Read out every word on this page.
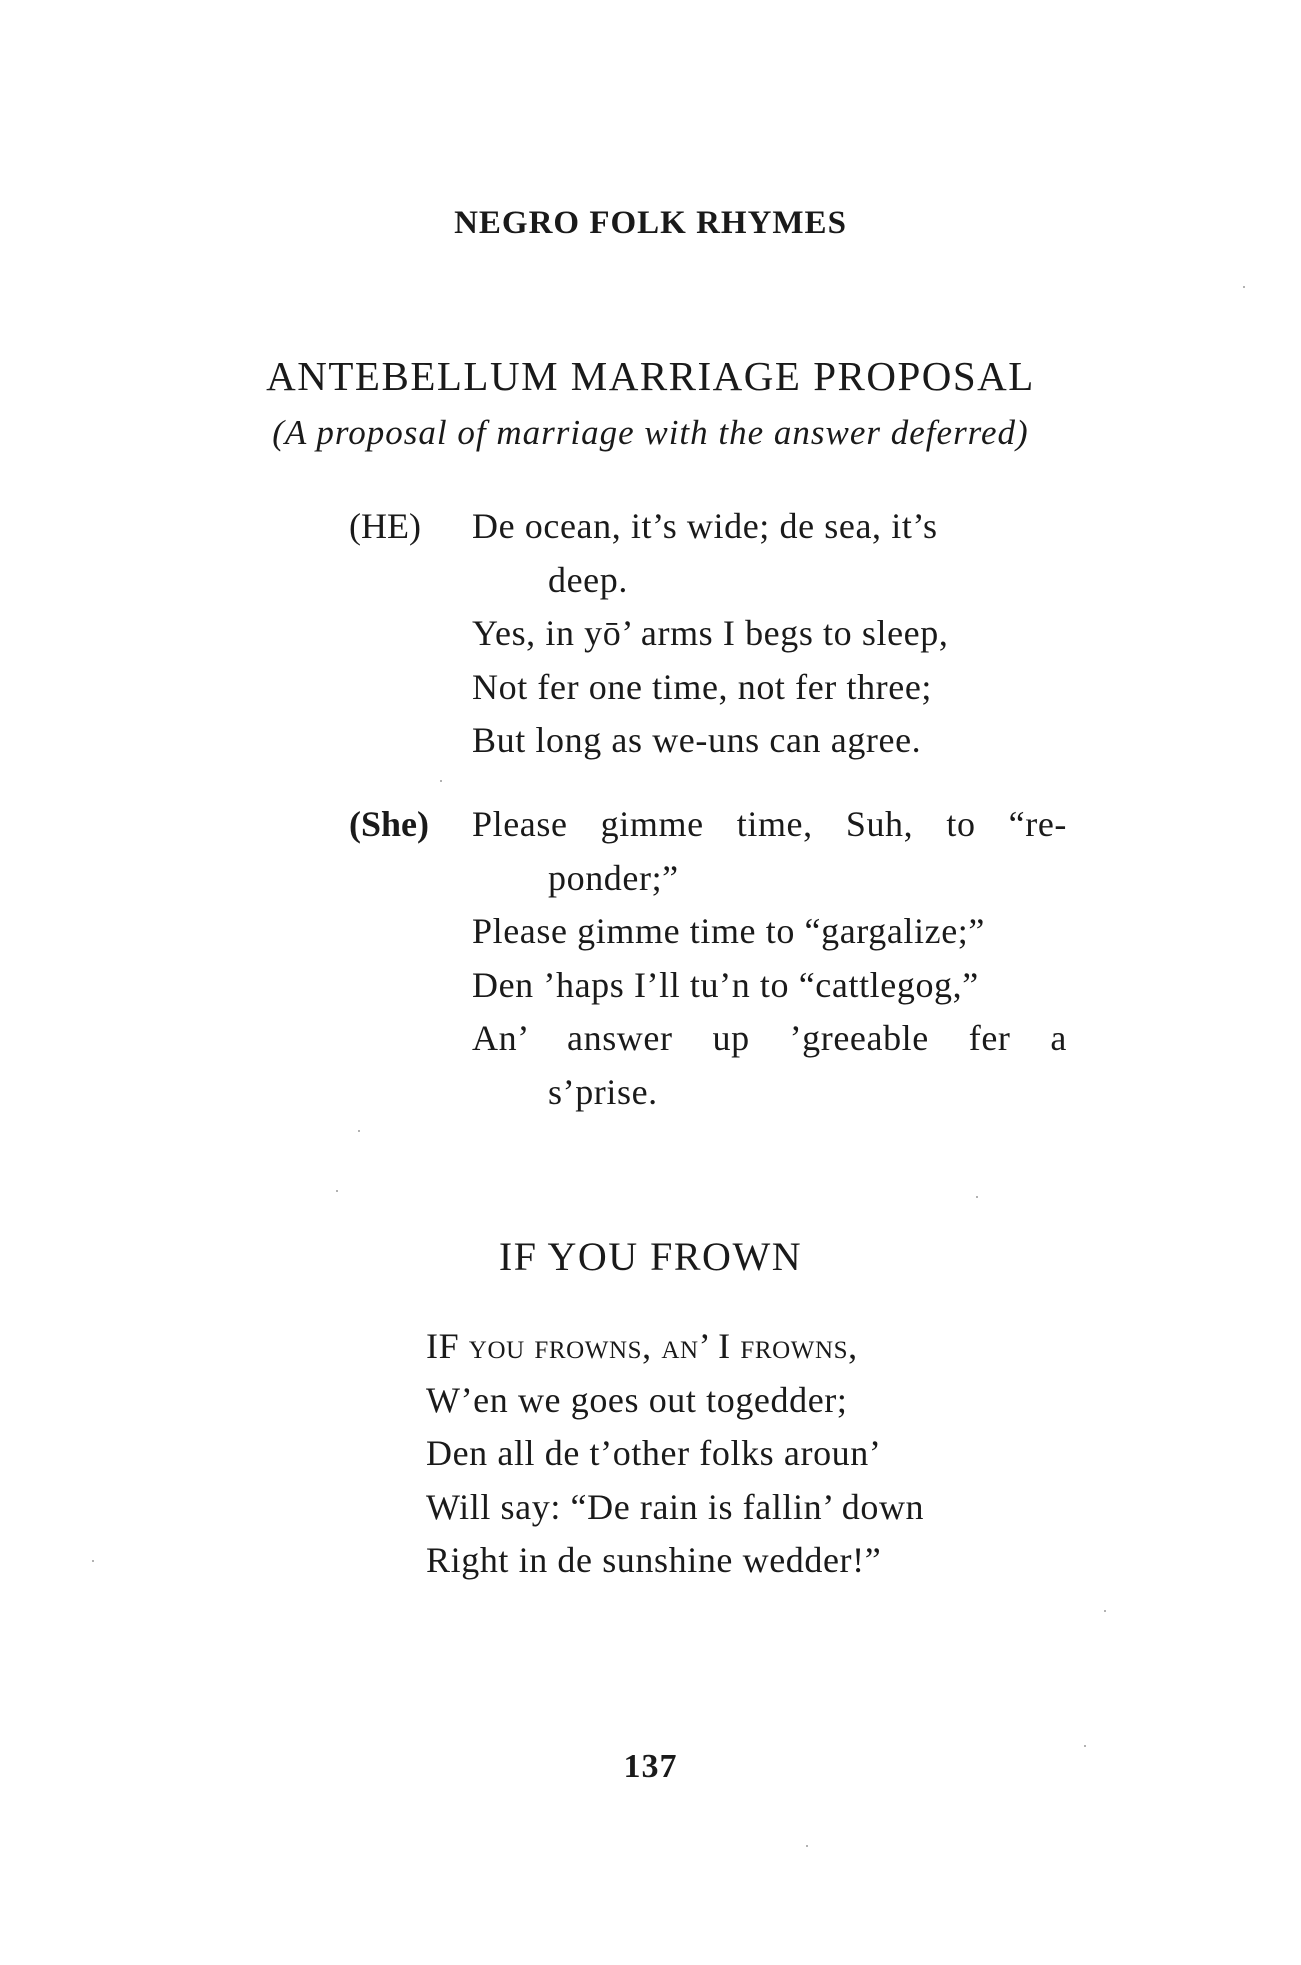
NEGRO FOLK RHYMES
ANTEBELLUM MARRIAGE PROPOSAL
(A proposal of marriage with the answer deferred)
(HE) De ocean, it’s wide; de sea, it’s
deep.
Yes, in yō’ arms I begs to sleep,
Not fer one time, not fer three;
But long as we-uns can agree.
(She) Please gimme time, Suh, to “re-
ponder;”
Please gimme time to “gargalize;”
Den ’haps I’ll tu’n to “cattlegog,”
An’ answer up ’greeable fer a
s’prise.
IF YOU FROWN
IF you frowns, an’ I frowns,
W’en we goes out togedder;
Den all de t’other folks aroun’
Will say: “De rain is fallin’ down
Right in de sunshine wedder!”
137
